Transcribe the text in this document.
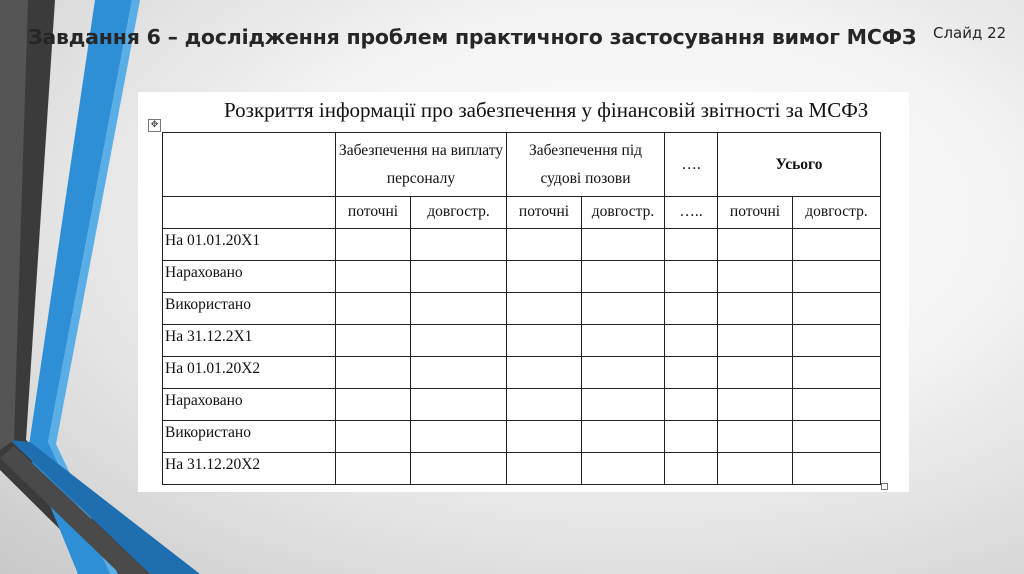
Завдання 6 – дослідження проблем практичного застосування вимог МСФЗ Слайд 22
Розкриття інформації про забезпечення у фінансовій звітності за МСФЗ
✥
	Забезпечення на виплату персоналу		Забезпечення під судові позови		….	Усього	
	поточні	довгостр.	поточні	довгостр.	…..	поточні	довгостр.
На 01.01.20Х1							
Нараховано							
Використано							
На 31.12.2Х1							
На 01.01.20Х2							
Нараховано							
Використано							
На 31.12.20Х2							
